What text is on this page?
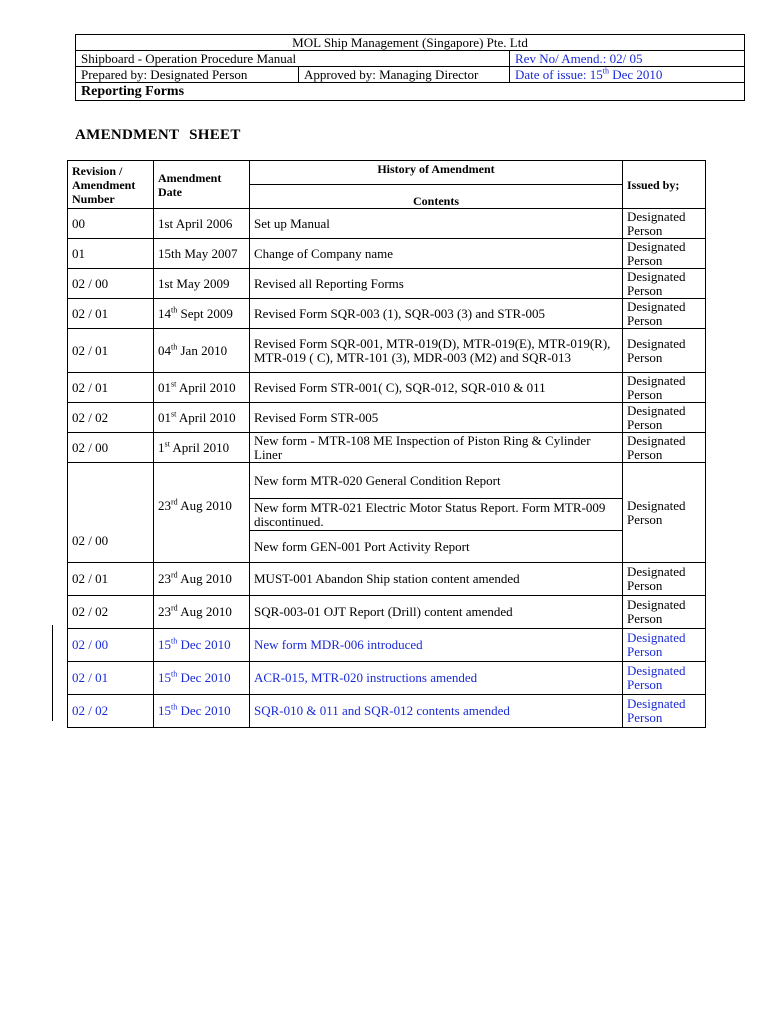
MOL Ship Management (Singapore) Pte. Ltd		
Shipboard - Operation Procedure Manual		Rev No/ Amend.: 02/ 05
Prepared by: Designated Person	Approved by: Managing Director	Date of issue: 15th Dec 2010
Reporting Forms		
AMENDMENT SHEET
Revision / Amendment Number	Amendment Date	History of Amendment	Issued by;
		Contents	
00	1st April 2006	Set up Manual	Designated Person
01	15th May 2007	Change of Company name	Designated Person
02 / 00	1st May 2009	Revised all Reporting Forms	Designated Person
02 / 01	14th Sept 2009	Revised Form SQR-003 (1), SQR-003 (3) and STR-005	Designated Person
02 / 01	04th Jan 2010	Revised Form SQR-001, MTR-019(D), MTR-019(E), MTR-019(R), MTR-019 ( C), MTR-101 (3), MDR-003 (M2) and SQR-013	Designated Person
02 / 01	01st April 2010	Revised Form STR-001( C), SQR-012, SQR-010 & 011	Designated Person
02 / 02	01st April 2010	Revised Form STR-005	Designated Person
02 / 00	1st April 2010	New form - MTR-108 ME Inspection of Piston Ring & Cylinder Liner	Designated Person
02 / 00	23rd Aug 2010	New form MTR-020 General Condition Report	Designated Person
		New form MTR-021 Electric Motor Status Report. Form MTR-009 discontinued.	
		New form GEN-001 Port Activity Report	
02 / 01	23rd Aug 2010	MUST-001 Abandon Ship station content amended	Designated Person
02 / 02	23rd Aug 2010	SQR-003-01 OJT Report (Drill) content amended	Designated Person
02 / 00	15th Dec 2010	New form MDR-006 introduced	Designated Person
02 / 01	15th Dec 2010	ACR-015, MTR-020 instructions amended	Designated Person
02 / 02	15th Dec 2010	SQR-010 & 011 and SQR-012 contents amended	Designated Person
